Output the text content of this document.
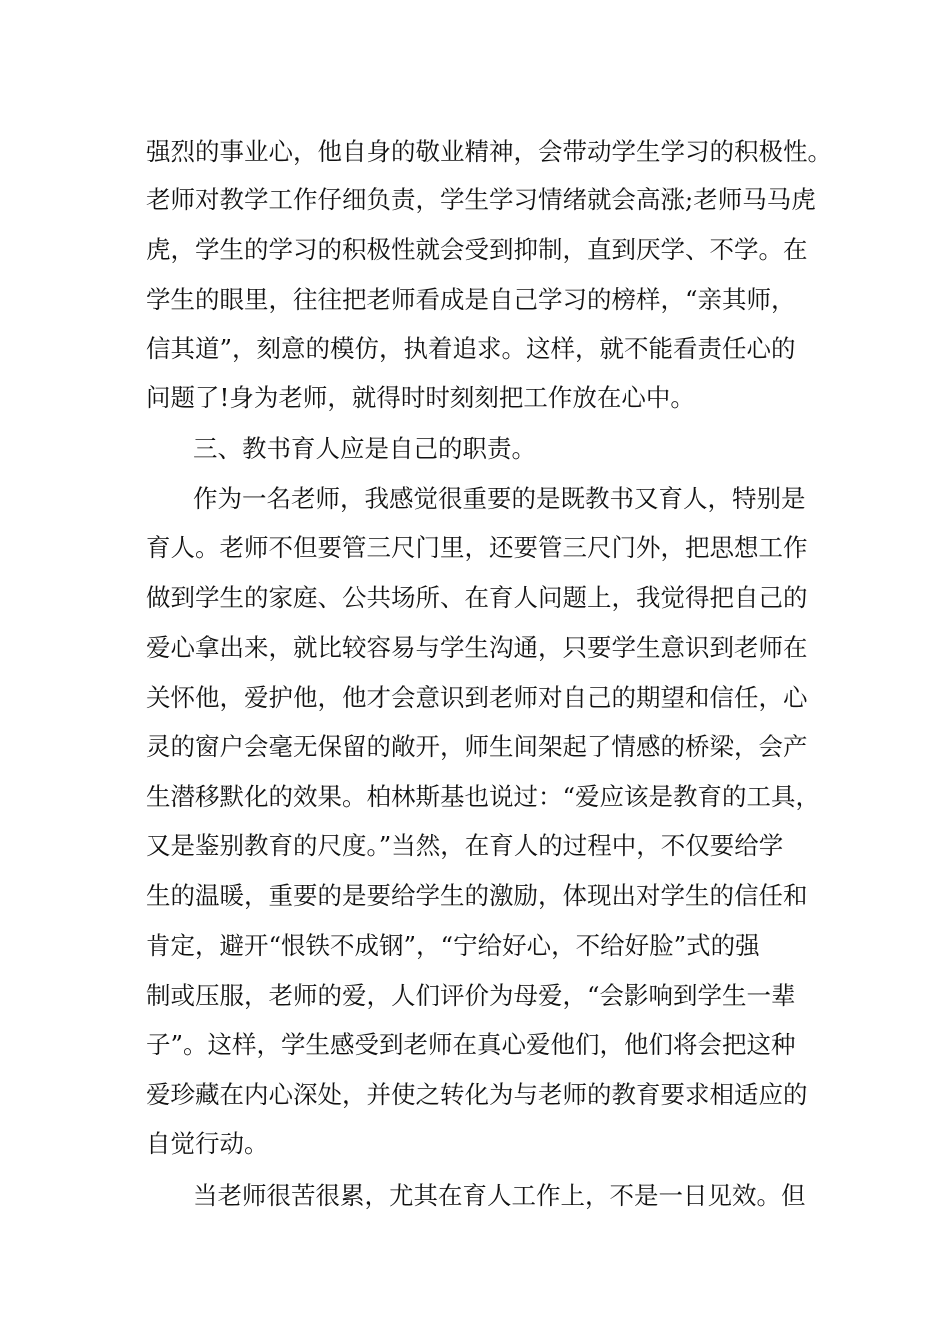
强烈的事业心，他自身的敬业精神，会带动学生学习的积极性。
老师对教学工作仔细负责，学生学习情绪就会高涨;老师马马虎
虎，学生的学习的积极性就会受到抑制，直到厌学、不学。在
学生的眼里，往往把老师看成是自己学习的榜样，“亲其师，
信其道”，刻意的模仿，执着追求。这样，就不能看责任心的
问题了!身为老师，就得时时刻刻把工作放在心中。
三、教书育人应是自己的职责。
作为一名老师，我感觉很重要的是既教书又育人，特别是
育人。老师不但要管三尺门里，还要管三尺门外，把思想工作
做到学生的家庭、公共场所、在育人问题上，我觉得把自己的
爱心拿出来，就比较容易与学生沟通，只要学生意识到老师在
关怀他，爱护他，他才会意识到老师对自己的期望和信任，心
灵的窗户会毫无保留的敞开，师生间架起了情感的桥梁，会产
生潜移默化的效果。柏林斯基也说过：“爱应该是教育的工具，
又是鉴别教育的尺度。”当然，在育人的过程中，不仅要给学
生的温暖，重要的是要给学生的激励，体现出对学生的信任和
肯定，避开“恨铁不成钢”，“宁给好心，不给好脸”式的强
制或压服，老师的爱，人们评价为母爱，“会影响到学生一辈
子”。这样，学生感受到老师在真心爱他们，他们将会把这种
爱珍藏在内心深处，并使之转化为与老师的教育要求相适应的
自觉行动。
当老师很苦很累，尤其在育人工作上，不是一日见效。但
